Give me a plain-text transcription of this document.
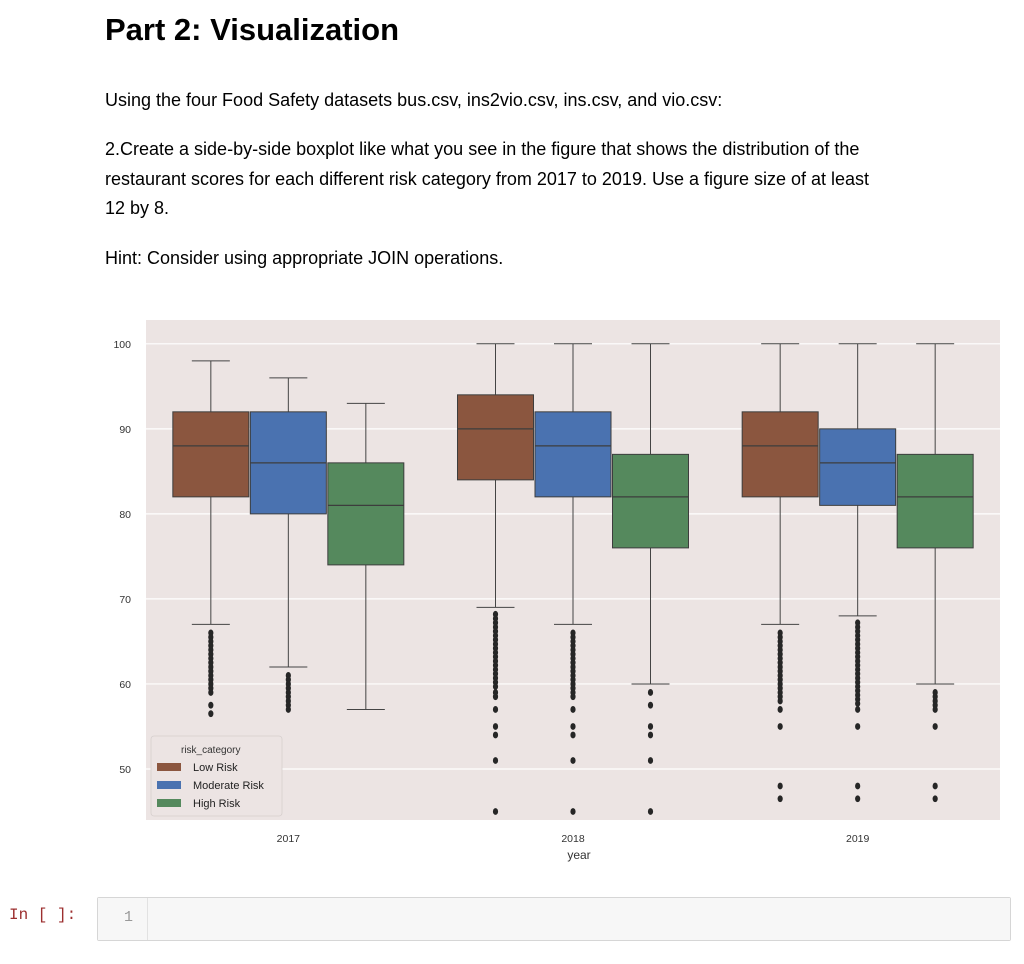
Part 2: Visualization
Using the four Food Safety datasets bus.csv, ins2vio.csv, ins.csv, and vio.csv:
2.Create a side-by-side boxplot like what you see in the figure that shows the distribution of the
restaurant scores for each different risk category from 2017 to 2019. Use a figure size of at least
12 by 8.
Hint: Consider using appropriate JOIN operations.
50
60
70
80
90
100
2017	2018	2019
year
risk_category
Low Risk
Moderate Risk
High Risk
In [ ]:	1
